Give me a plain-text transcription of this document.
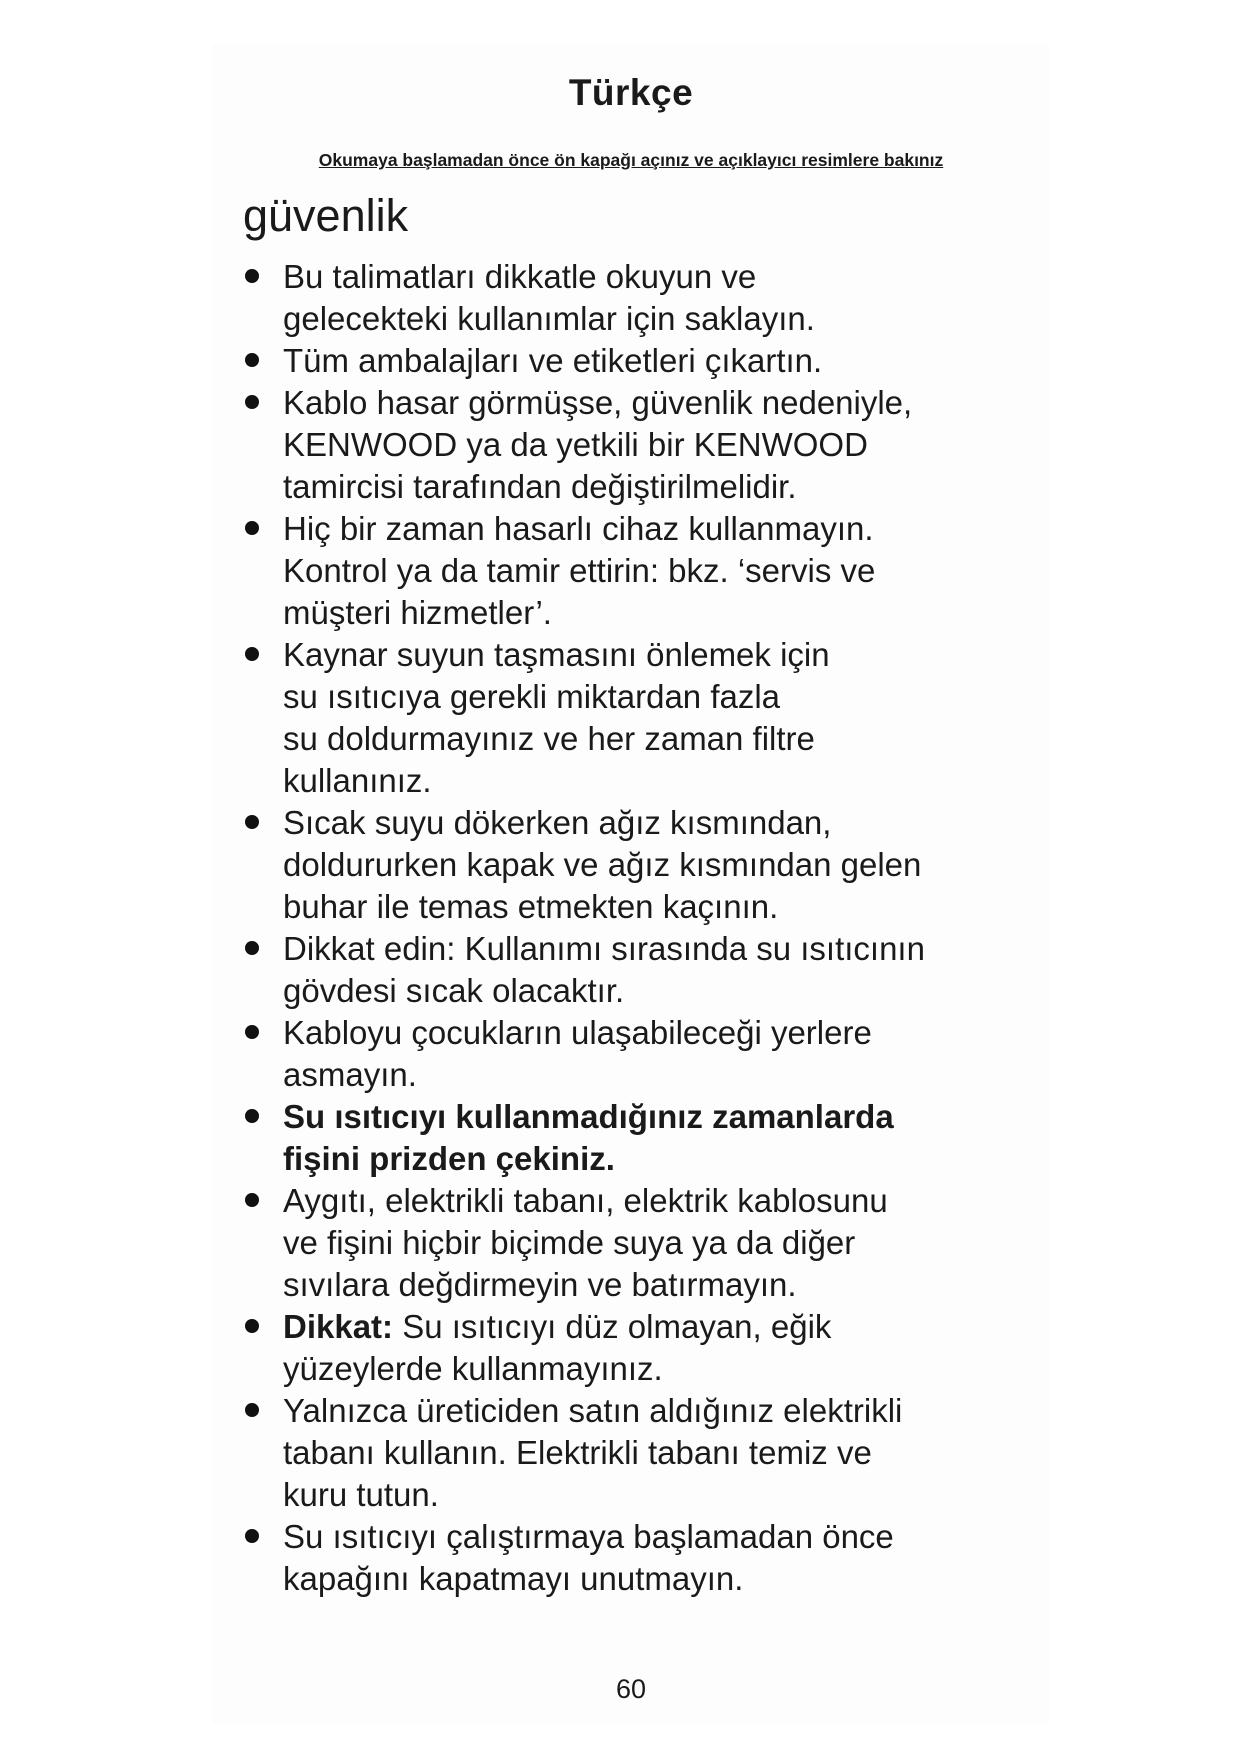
Türkçe

Okumaya başlamadan önce ön kapağı açınız ve açıklayıcı resimlere bakınız

güvenlik
Bu talimatları dikkatle okuyun ve
gelecekteki kullanımlar için saklayın.
Tüm ambalajları ve etiketleri çıkartın.
Kablo hasar görmüşse, güvenlik nedeniyle,
KENWOOD ya da yetkili bir KENWOOD
tamircisi tarafından değiştirilmelidir.
Hiç bir zaman hasarlı cihaz kullanmayın.
Kontrol ya da tamir ettirin: bkz. ‘servis ve
müşteri hizmetler’.
Kaynar suyun taşmasını önlemek için
su ısıtıcıya gerekli miktardan fazla
su doldurmayınız ve her zaman filtre
kullanınız.
Sıcak suyu dökerken ağız kısmından,
doldururken kapak ve ağız kısmından gelen
buhar ile temas etmekten kaçının.
Dikkat edin: Kullanımı sırasında su ısıtıcının
gövdesi sıcak olacaktır.
Kabloyu çocukların ulaşabileceği yerlere
asmayın.
Su ısıtıcıyı kullanmadığınız zamanlarda
fişini prizden çekiniz.
Aygıtı, elektrikli tabanı, elektrik kablosunu
ve fişini hiçbir biçimde suya ya da diğer
sıvılara değdirmeyin ve batırmayın.
Dikkat: Su ısıtıcıyı düz olmayan, eğik
yüzeylerde kullanmayınız.
Yalnızca üreticiden satın aldığınız elektrikli
tabanı kullanın. Elektrikli tabanı temiz ve
kuru tutun.
Su ısıtıcıyı çalıştırmaya başlamadan önce
kapağını kapatmayı unutmayın.

60
